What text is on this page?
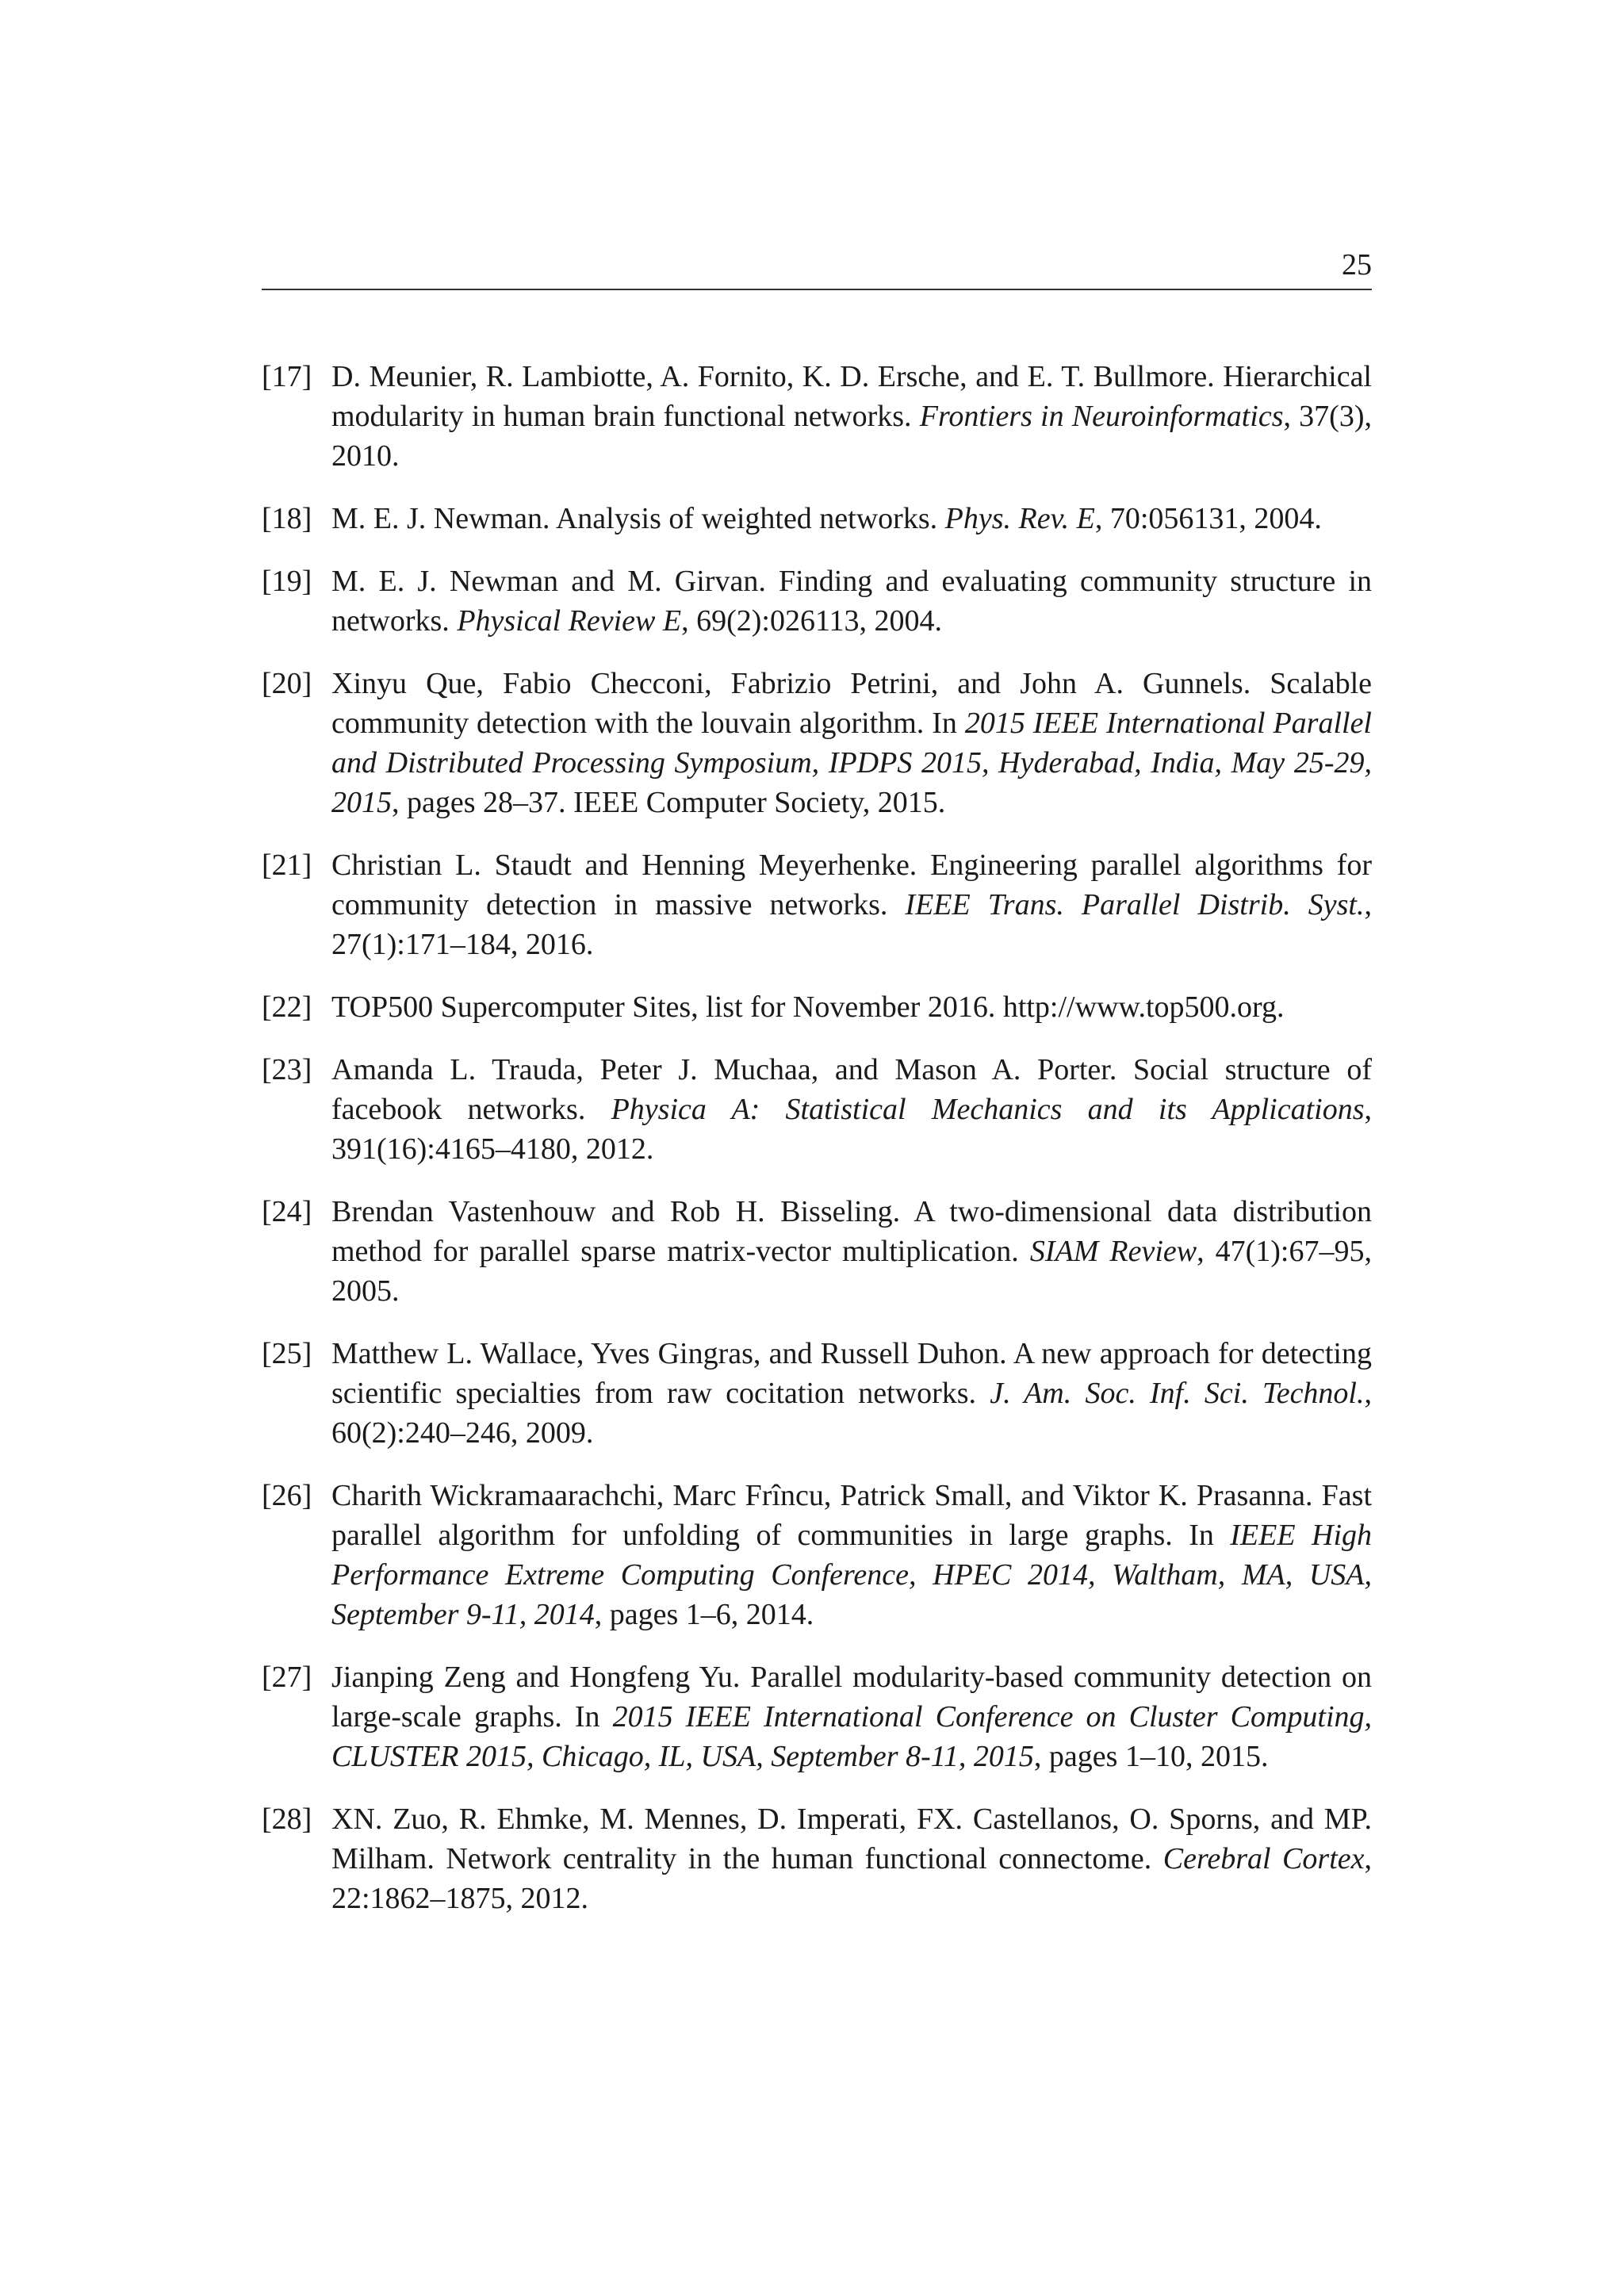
25
[17] D. Meunier, R. Lambiotte, A. Fornito, K. D. Ersche, and E. T. Bullmore. Hierarchical modularity in human brain functional networks. Frontiers in Neuroinformatics, 37(3), 2010.
[18] M. E. J. Newman. Analysis of weighted networks. Phys. Rev. E, 70:056131, 2004.
[19] M. E. J. Newman and M. Girvan. Finding and evaluating community structure in networks. Physical Review E, 69(2):026113, 2004.
[20] Xinyu Que, Fabio Checconi, Fabrizio Petrini, and John A. Gunnels. Scalable community detection with the louvain algorithm. In 2015 IEEE International Parallel and Distributed Processing Symposium, IPDPS 2015, Hyderabad, India, May 25-29, 2015, pages 28–37. IEEE Computer Society, 2015.
[21] Christian L. Staudt and Henning Meyerhenke. Engineering parallel algorithms for community detection in massive networks. IEEE Trans. Parallel Distrib. Syst., 27(1):171–184, 2016.
[22] TOP500 Supercomputer Sites, list for November 2016. http://www.top500.org.
[23] Amanda L. Trauda, Peter J. Muchaa, and Mason A. Porter. Social structure of facebook networks. Physica A: Statistical Mechanics and its Applications, 391(16):4165–4180, 2012.
[24] Brendan Vastenhouw and Rob H. Bisseling. A two-dimensional data distribution method for parallel sparse matrix-vector multiplication. SIAM Review, 47(1):67–95, 2005.
[25] Matthew L. Wallace, Yves Gingras, and Russell Duhon. A new approach for detecting scientific specialties from raw cocitation networks. J. Am. Soc. Inf. Sci. Technol., 60(2):240–246, 2009.
[26] Charith Wickramaarachchi, Marc Frîncu, Patrick Small, and Viktor K. Prasanna. Fast parallel algorithm for unfolding of communities in large graphs. In IEEE High Performance Extreme Computing Conference, HPEC 2014, Waltham, MA, USA, September 9-11, 2014, pages 1–6, 2014.
[27] Jianping Zeng and Hongfeng Yu. Parallel modularity-based community detection on large-scale graphs. In 2015 IEEE International Conference on Cluster Computing, CLUSTER 2015, Chicago, IL, USA, September 8-11, 2015, pages 1–10, 2015.
[28] XN. Zuo, R. Ehmke, M. Mennes, D. Imperati, FX. Castellanos, O. Sporns, and MP. Milham. Network centrality in the human functional connectome. Cerebral Cortex, 22:1862–1875, 2012.
